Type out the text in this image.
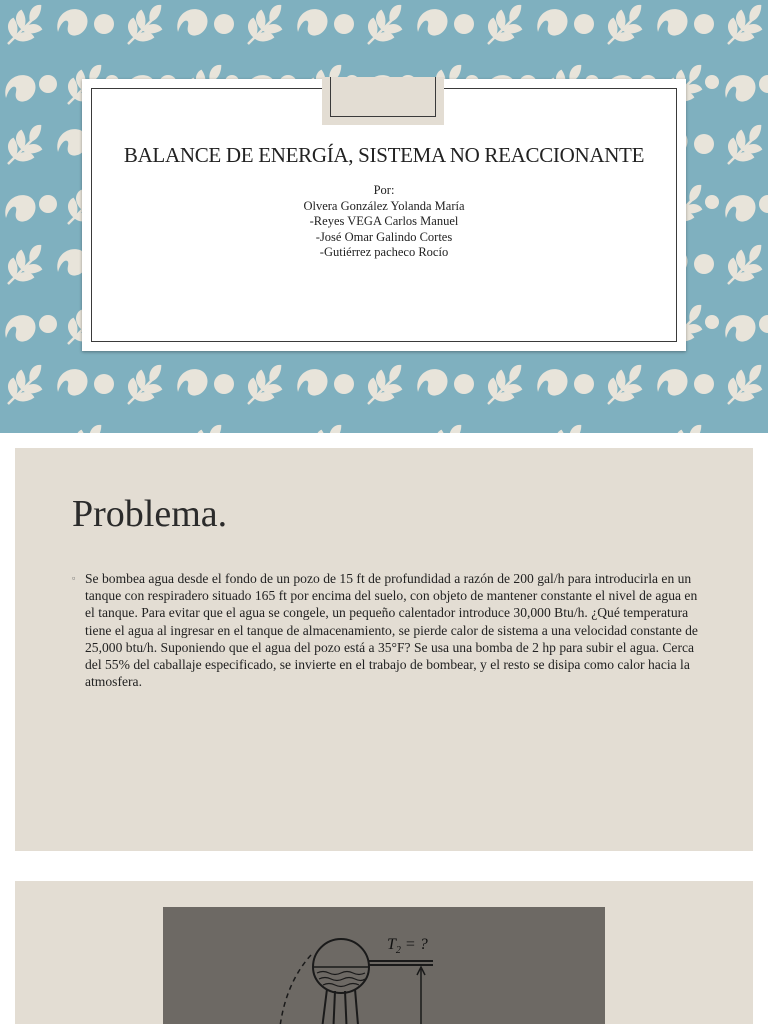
BALANCE DE ENERGÍA, SISTEMA NO REACCIONANTE
Por:
Olvera González Yolanda María
-Reyes VEGA Carlos Manuel
-José Omar Galindo Cortes
-Gutiérrez pacheco Rocío
Problema.
▫ Se bombea agua desde el fondo de un pozo de 15 ft de profundidad a razón de 200 gal/h para introducirla en un tanque con respiradero situado 165 ft por encima del suelo, con objeto de mantener constante el nivel de agua en el tanque. Para evitar que el agua se congele, un pequeño calentador introduce 30,000 Btu/h. ¿Qué temperatura tiene el agua al ingresar en el tanque de almacenamiento, se pierde calor de sistema a una velocidad constante de 25,000 btu/h. Suponiendo que el agua del pozo está a 35°F? Se usa una bomba de 2 hp para subir el agua. Cerca del 55% del caballaje especificado, se invierte en el trabajo de bombear, y el resto se disipa como calor hacia la atmosfera.
$T_2$ = ?
